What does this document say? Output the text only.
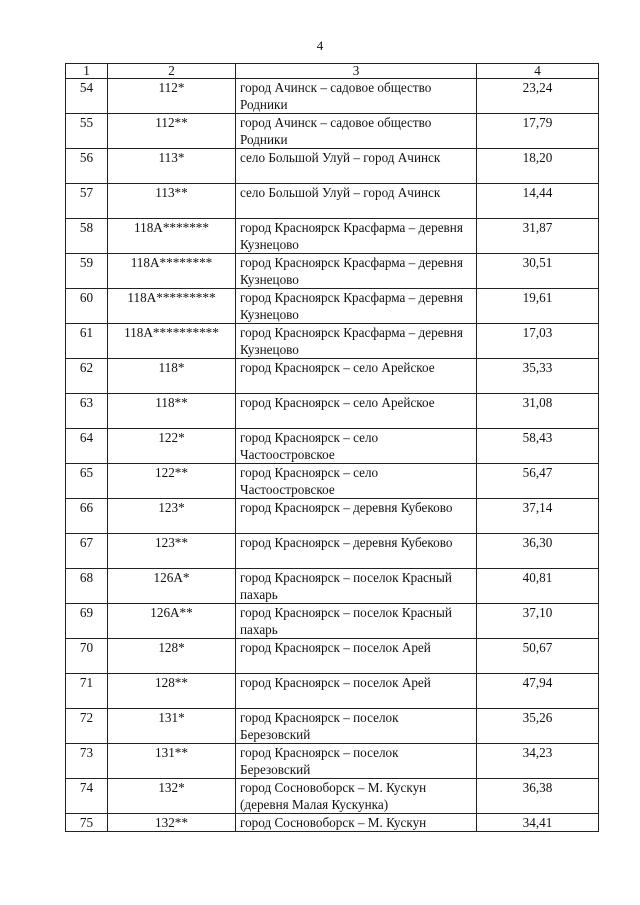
4
1	2	3	4
54	112*	город Ачинск – садовое общество Родники	23,24
55	112**	город Ачинск – садовое общество Родники	17,79
56	113*	село Большой Улуй – город Ачинск	18,20
57	113**	село Большой Улуй – город Ачинск	14,44
58	118А*******	город Красноярск Красфарма – деревня Кузнецово	31,87
59	118А********	город Красноярск Красфарма – деревня Кузнецово	30,51
60	118А*********	город Красноярск Красфарма – деревня Кузнецово	19,61
61	118А**********	город Красноярск Красфарма – деревня Кузнецово	17,03
62	118*	город Красноярск – село Арейское	35,33
63	118**	город Красноярск – село Арейское	31,08
64	122*	город Красноярск – село Частоостровское	58,43
65	122**	город Красноярск – село Частоостровское	56,47
66	123*	город Красноярск – деревня Кубеково	37,14
67	123**	город Красноярск – деревня Кубеково	36,30
68	126А*	город Красноярск – поселок Красный пахарь	40,81
69	126А**	город Красноярск – поселок Красный пахарь	37,10
70	128*	город Красноярск – поселок Арей	50,67
71	128**	город Красноярск – поселок Арей	47,94
72	131*	город Красноярск – поселок Березовский	35,26
73	131**	город Красноярск – поселок Березовский	34,23
74	132*	город Сосновоборск – М. Кускун (деревня Малая Кускунка)	36,38
75	132**	город Сосновоборск – М. Кускун	34,41
